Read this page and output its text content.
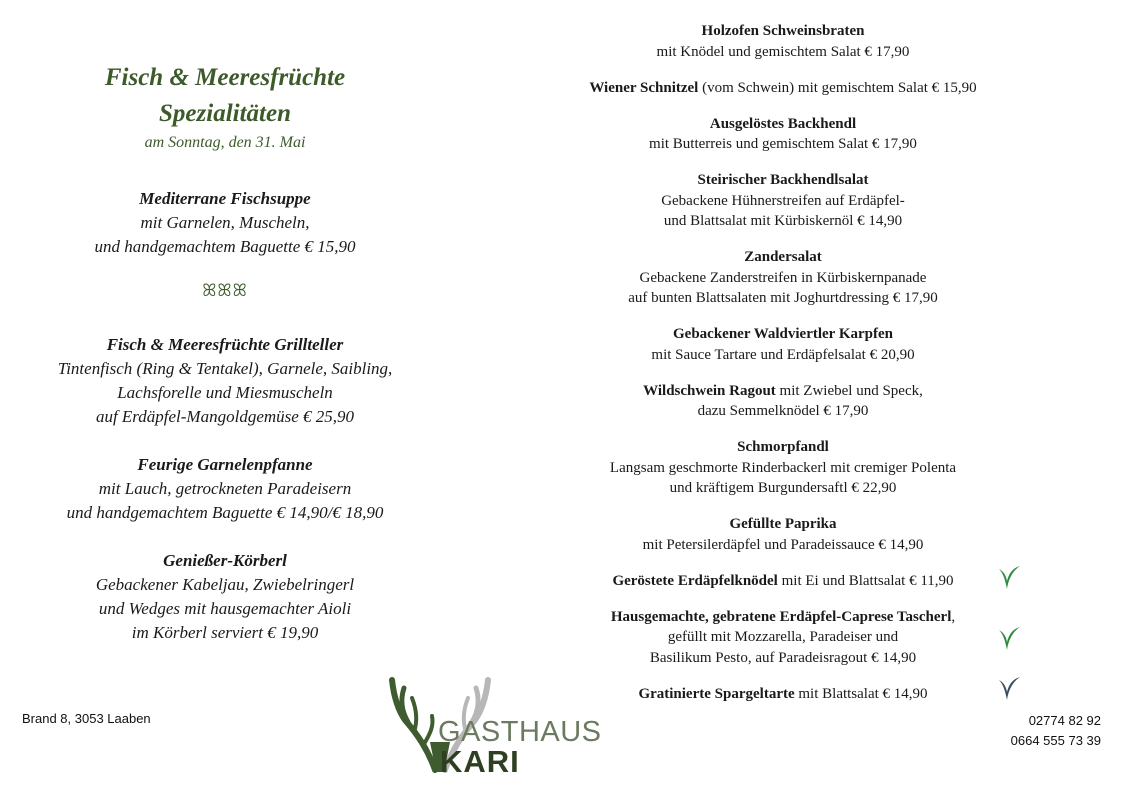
Fisch & Meeresfrüchte
Spezialitäten
am Sonntag, den 31. Mai
Mediterrane Fischsuppe
mit Garnelen, Muscheln,
und handgemachtem Baguette € 15,90
ꕤꕤꕤ
Fisch & Meeresfrüchte Grillteller
Tintenfisch (Ring & Tentakel), Garnele, Saibling,
Lachsforelle und Miesmuscheln
auf Erdäpfel-Mangoldgemüse € 25,90
Feurige Garnelenpfanne
mit Lauch, getrockneten Paradeisern
und handgemachtem Baguette € 14,90/€ 18,90
Genießer-Körberl
Gebackener Kabeljau, Zwiebelringerl
und Wedges mit hausgemachter Aioli
im Körberl serviert € 19,90
Holzofen Schweinsbraten
mit Knödel und gemischtem Salat € 17,90
Wiener Schnitzel (vom Schwein) mit gemischtem Salat € 15,90
Ausgelöstes Backhendl
mit Butterreis und gemischtem Salat € 17,90
Steirischer Backhendlsalat
Gebackene Hühnerstreifen auf Erdäpfel-
und Blattsalat mit Kürbiskernöl € 14,90
Zandersalat
Gebackene Zanderstreifen in Kürbiskernpanade
auf bunten Blattsalaten mit Joghurtdressing € 17,90
Gebackener Waldviertler Karpfen
mit Sauce Tartare und Erdäpfelsalat € 20,90
Wildschwein Ragout mit Zwiebel und Speck,
dazu Semmelknödel € 17,90
Schmorpfandl
Langsam geschmorte Rinderbackerl mit cremiger Polenta
und kräftigem Burgundersaftl € 22,90
Gefüllte Paprika
mit Petersilerdäpfel und Paradeissauce € 14,90
Geröstete Erdäpfelknödel mit Ei und Blattsalat € 11,90
Hausgemachte, gebratene Erdäpfel-Caprese Tascherl,
gefüllt mit Mozzarella, Paradeiser und
Basilikum Pesto, auf Paradeisragout € 14,90
Gratinierte Spargeltarte mit Blattsalat € 14,90
GASTHAUS
KARI
Brand 8, 3053 Laaben	02774 82 92
0664 555 73 39
